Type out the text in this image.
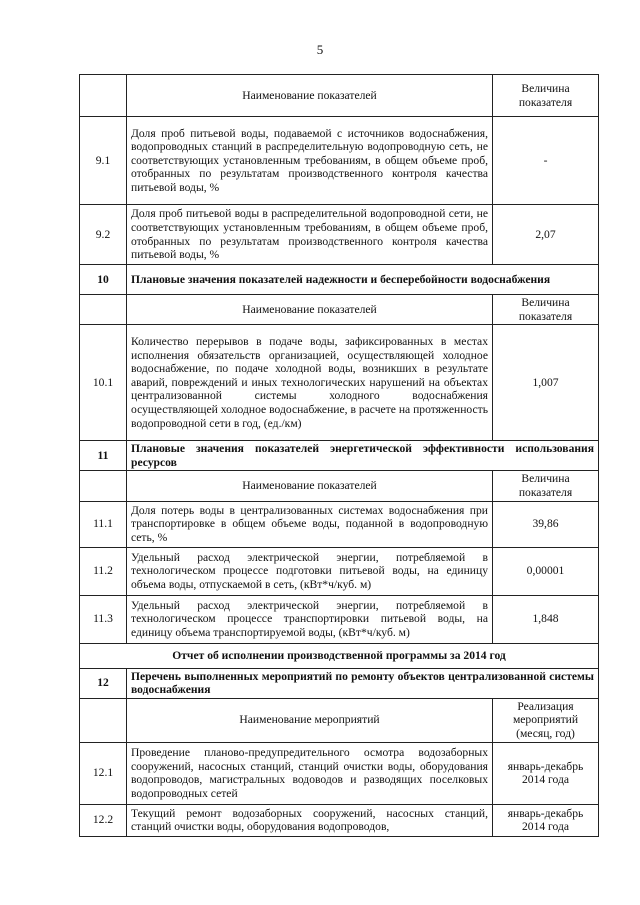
5
	Наименование показателей	Величина показателя
9.1	Доля проб питьевой воды, подаваемой с источников водоснабжения, водопроводных станций в распределительную водопроводную сеть, не соответствующих установленным требованиям, в общем объеме проб, отобранных по результатам производственного контроля качества питьевой воды, %	-
9.2	Доля проб питьевой воды в распределительной водопроводной сети, не соответствующих установленным требованиям, в общем объеме проб, отобранных по результатам производственного контроля качества питьевой воды, %	2,07
10	Плановые значения показателей надежности и бесперебойности водоснабжения	
	Наименование показателей	Величина показателя
10.1	Количество перерывов в подаче воды, зафиксированных в местах исполнения обязательств организацией, осуществляющей холодное водоснабжение, по подаче холодной воды, возникших в результате аварий, повреждений и иных технологических нарушений на объектах централизованной системы холодного водоснабжения осуществляющей холодное водоснабжение, в расчете на протяженность водопроводной сети в год, (ед./км)	1,007
11	Плановые значения показателей энергетической эффективности использования ресурсов	
	Наименование показателей	Величина показателя
11.1	Доля потерь воды в централизованных системах водоснабжения при транспортировке в общем объеме воды, поданной в водопроводную сеть, %	39,86
11.2	Удельный расход электрической энергии, потребляемой в технологическом процессе подготовки питьевой воды, на единицу объема воды, отпускаемой в сеть, (кВт*ч/куб. м)	0,00001
11.3	Удельный расход электрической энергии, потребляемой в технологическом процессе транспортировки питьевой воды, на единицу объема транспортируемой воды, (кВт*ч/куб. м)	1,848
Отчет об исполнении производственной программы за 2014 год		
12	Перечень выполненных мероприятий по ремонту объектов централизованной системы водоснабжения	
	Наименование мероприятий	Реализация мероприятий (месяц, год)
12.1	Проведение планово-предупредительного осмотра водозаборных сооружений, насосных станций, станций очистки воды, оборудования водопроводов, магистральных водоводов и разводящих поселковых водопроводных сетей	январь-декабрь 2014 года
12.2	Текущий ремонт водозаборных сооружений, насосных станций, станций очистки воды, оборудования водопроводов,	январь-декабрь 2014 года
